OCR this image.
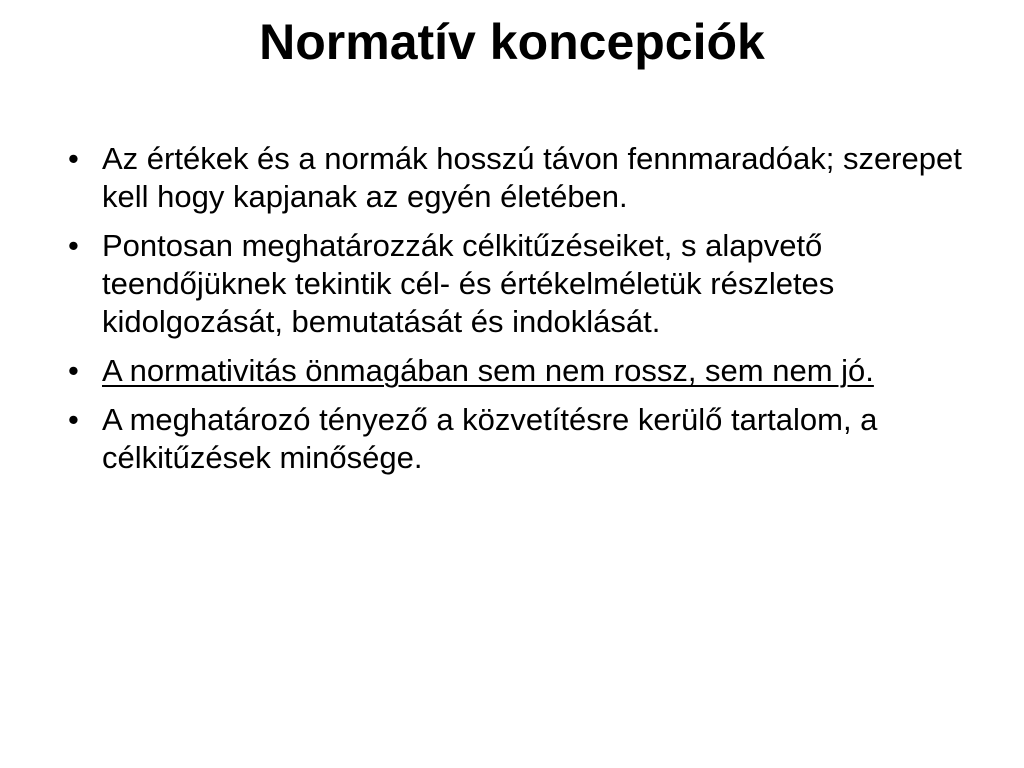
Normatív koncepciók
• Az értékek és a normák hosszú távon fennmaradóak; szerepet kell hogy kapjanak az egyén életében.
• Pontosan meghatározzák célkitűzéseiket, s alapvető teendőjüknek tekintik cél- és értékelméletük részletes kidolgozását, bemutatását és indoklását.
• A normativitás önmagában sem nem rossz, sem nem jó.
• A meghatározó tényező a közvetítésre kerülő tartalom, a célkitűzések minősége.
